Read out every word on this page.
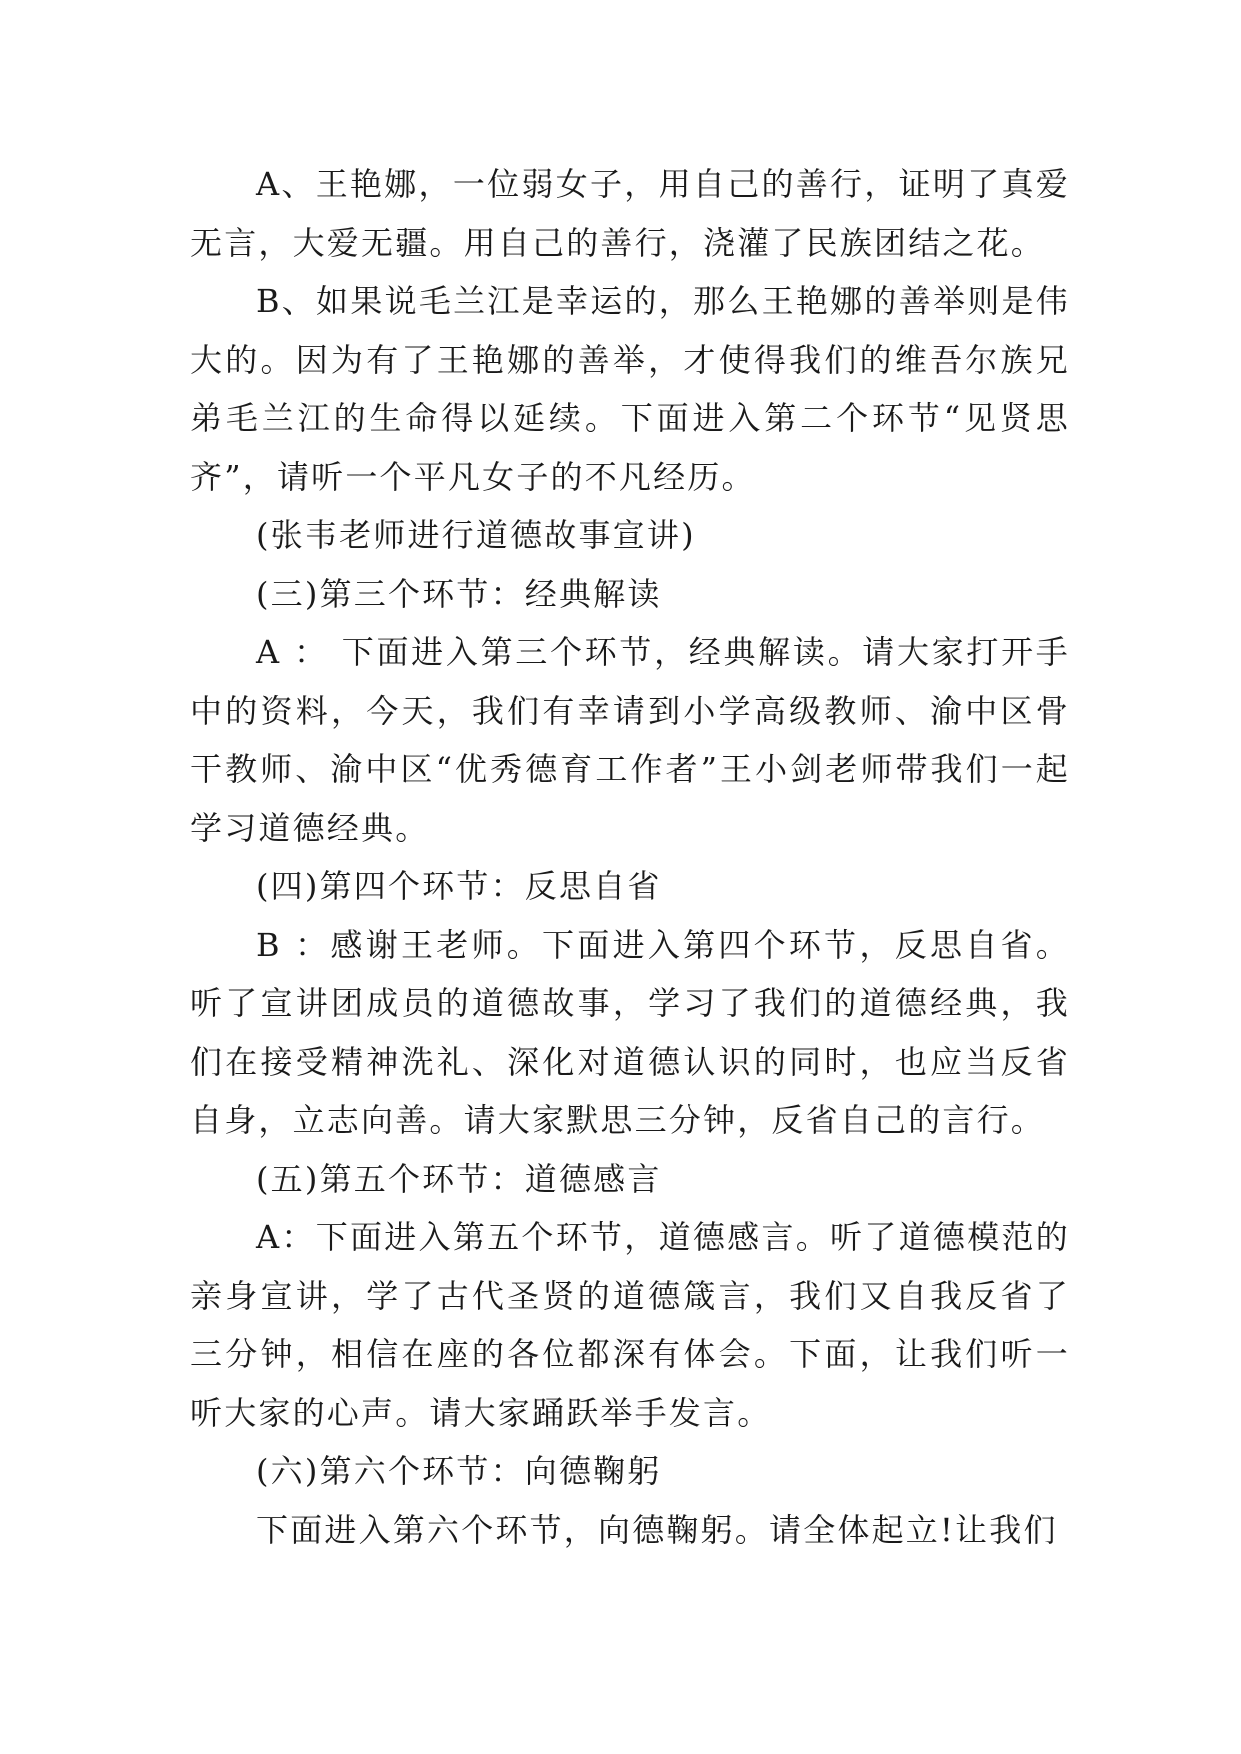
A、王艳娜，一位弱女子，用自己的善行，证明了真爱无言，大爱无疆。用自己的善行，浇灌了民族团结之花。

B、如果说毛兰江是幸运的，那么王艳娜的善举则是伟大的。因为有了王艳娜的善举，才使得我们的维吾尔族兄弟毛兰江的生命得以延续。下面进入第二个环节“见贤思齐”，请听一个平凡女子的不凡经历。

(张韦老师进行道德故事宣讲)

(三)第三个环节：经典解读

A ： 下面进入第三个环节，经典解读。请大家打开手中的资料，今天，我们有幸请到小学高级教师、渝中区骨干教师、渝中区“优秀德育工作者”王小剑老师带我们一起学习道德经典。

(四)第四个环节：反思自省

B ：感谢王老师。下面进入第四个环节，反思自省。听了宣讲团成员的道德故事，学习了我们的道德经典，我们在接受精神洗礼、深化对道德认识的同时，也应当反省自身，立志向善。请大家默思三分钟，反省自己的言行。

(五)第五个环节：道德感言

A：下面进入第五个环节，道德感言。听了道德模范的亲身宣讲，学了古代圣贤的道德箴言，我们又自我反省了三分钟，相信在座的各位都深有体会。下面，让我们听一听大家的心声。请大家踊跃举手发言。

(六)第六个环节：向德鞠躬

下面进入第六个环节，向德鞠躬。请全体起立!让我们
